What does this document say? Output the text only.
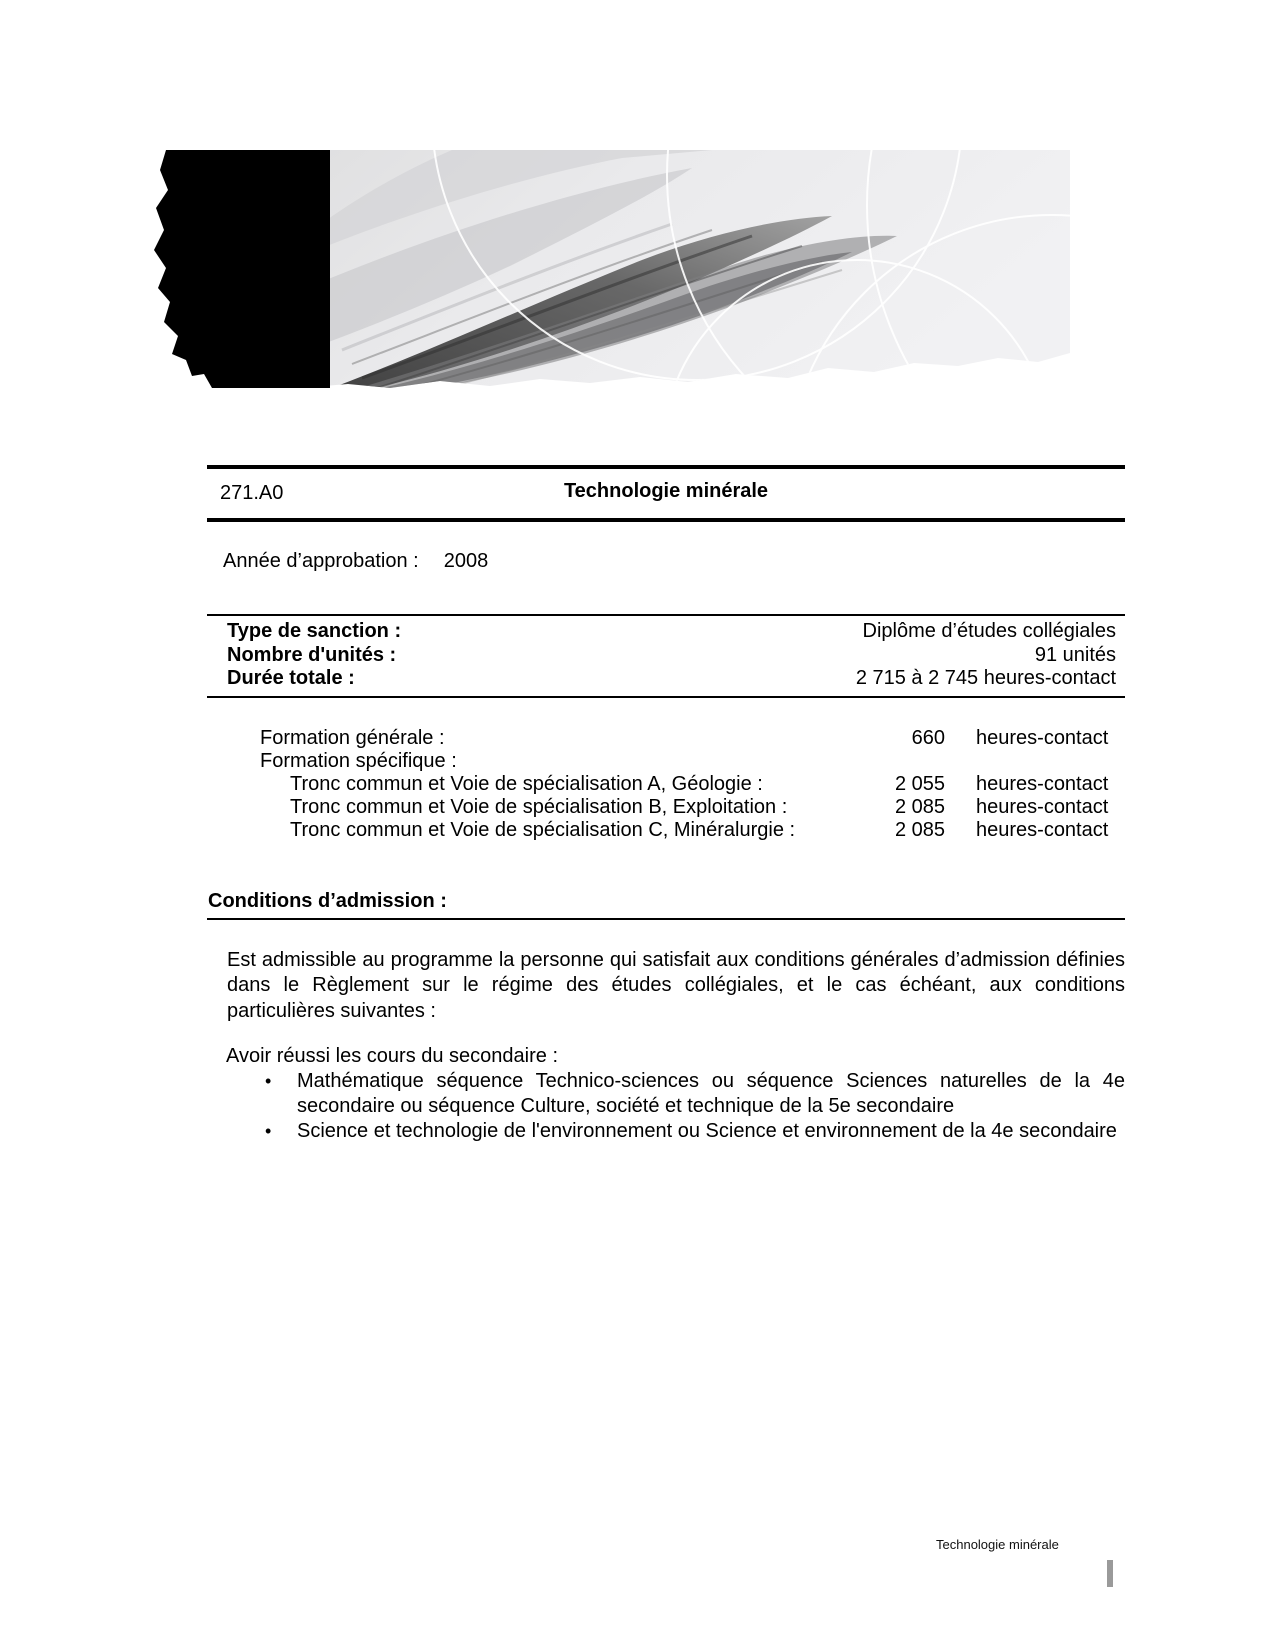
271.A0	Technologie minérale
Année d’approbation : 2008
Type de sanction :	Diplôme d’études collégiales
Nombre d'unités :	91 unités
Durée totale :	2 715 à 2 745 heures-contact
Formation générale :	660 heures-contact
Formation spécifique :
Tronc commun et Voie de spécialisation A, Géologie :	2 055 heures-contact
Tronc commun et Voie de spécialisation B, Exploitation :	2 085 heures-contact
Tronc commun et Voie de spécialisation C, Minéralurgie :	2 085 heures-contact
Conditions d’admission :

Est admissible au programme la personne qui satisfait aux conditions générales d’admission définies dans le Règlement sur le régime des études collégiales, et le cas échéant, aux conditions particulières suivantes :

Avoir réussi les cours du secondaire :
• Mathématique séquence Technico-sciences ou séquence Sciences naturelles de la 4e secondaire ou séquence Culture, société et technique de la 5e secondaire
• Science et technologie de l'environnement ou Science et environnement de la 4e secondaire
Technologie minérale
